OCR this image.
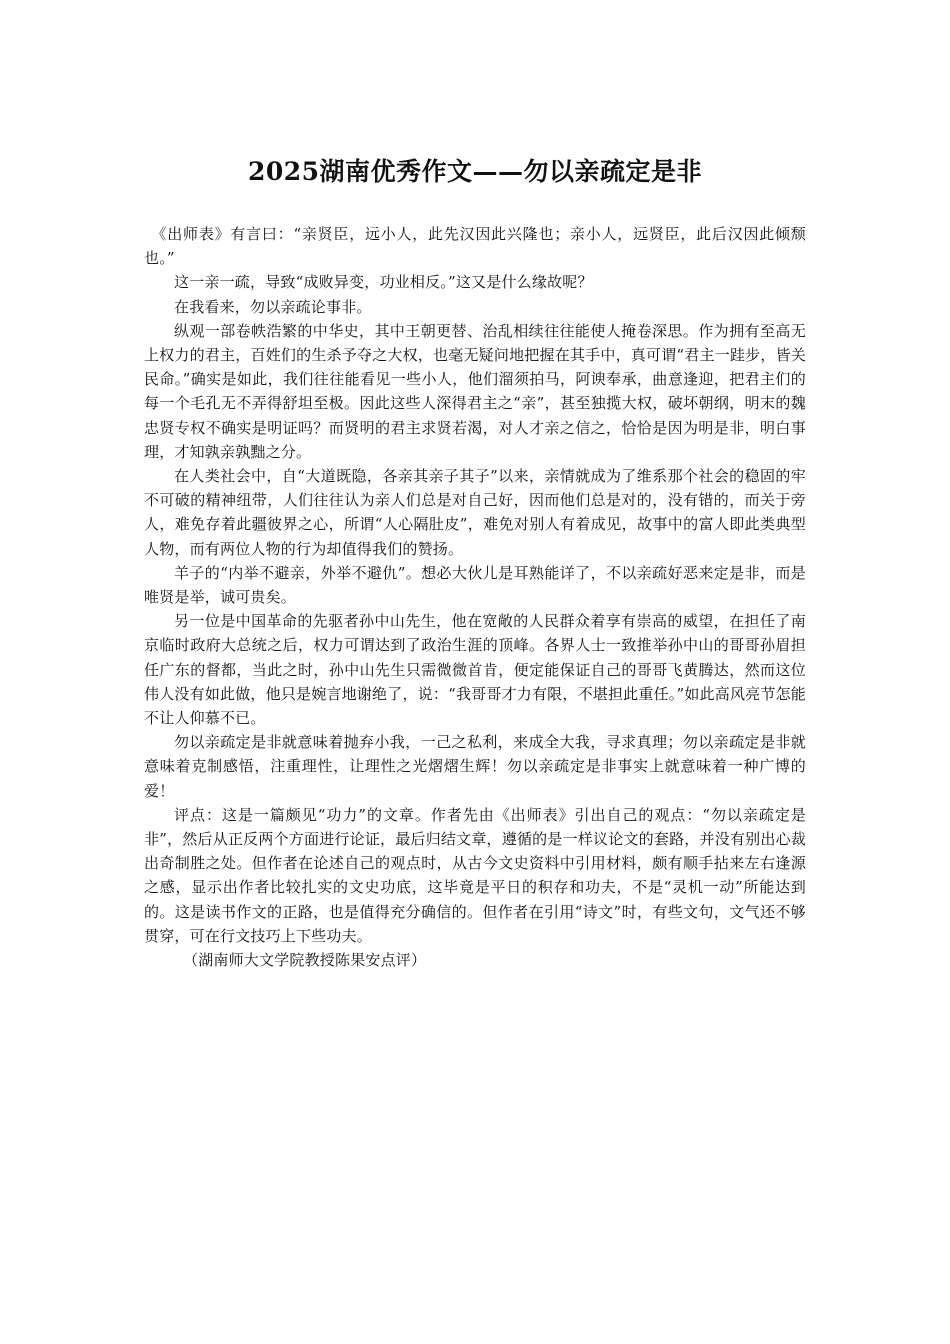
2025湖南优秀作文——勿以亲疏定是非

《出师表》有言曰：“亲贤臣，远小人，此先汉因此兴隆也；亲小人，远贤臣，此后汉因此倾颓也。”

这一亲一疏，导致“成败异变，功业相反。”这又是什么缘故呢？

在我看来，勿以亲疏论事非。

纵观一部卷帙浩繁的中华史，其中王朝更替、治乱相续往往能使人掩卷深思。作为拥有至高无上权力的君主，百姓们的生杀予夺之大权，也毫无疑问地把握在其手中，真可谓“君主一跬步，皆关民命。”确实是如此，我们往往能看见一些小人，他们溜须拍马，阿谀奉承，曲意逢迎，把君主们的每一个毛孔无不弄得舒坦至极。因此这些人深得君主之“亲”，甚至独揽大权，破坏朝纲，明末的魏忠贤专权不确实是明证吗？而贤明的君主求贤若渴，对人才亲之信之，恰恰是因为明是非，明白事理，才知孰亲孰黜之分。

在人类社会中，自“大道既隐，各亲其亲子其子”以来，亲情就成为了维系那个社会的稳固的牢不可破的精神纽带，人们往往认为亲人们总是对自己好，因而他们总是对的，没有错的，而关于旁人，难免存着此疆彼界之心，所谓“人心隔肚皮”，难免对别人有着成见，故事中的富人即此类典型人物，而有两位人物的行为却值得我们的赞扬。

羊子的“内举不避亲，外举不避仇”。想必大伙儿是耳熟能详了，不以亲疏好恶来定是非，而是唯贤是举，诚可贵矣。

另一位是中国革命的先驱者孙中山先生，他在宽敞的人民群众着享有崇高的威望，在担任了南京临时政府大总统之后，权力可谓达到了政治生涯的顶峰。各界人士一致推举孙中山的哥哥孙眉担任广东的督都，当此之时，孙中山先生只需微微首肯，便定能保证自己的哥哥飞黄腾达，然而这位伟人没有如此做，他只是婉言地谢绝了，说：“我哥哥才力有限，不堪担此重任。”如此高风亮节怎能不让人仰慕不已。

勿以亲疏定是非就意味着抛弃小我，一己之私利，来成全大我，寻求真理；勿以亲疏定是非就意味着克制感悟，注重理性，让理性之光熠熠生辉！勿以亲疏定是非事实上就意味着一种广博的爱！

评点：这是一篇颇见“功力”的文章。作者先由《出师表》引出自己的观点：“勿以亲疏定是非”，然后从正反两个方面进行论证，最后归结文章，遵循的是一样议论文的套路，并没有别出心裁出奇制胜之处。但作者在论述自己的观点时，从古今文史资料中引用材料，颇有顺手拈来左右逢源之感，显示出作者比较扎实的文史功底，这毕竟是平日的积存和功夫，不是“灵机一动”所能达到的。这是读书作文的正路，也是值得充分确信的。但作者在引用“诗文”时，有些文句，文气还不够贯穿，可在行文技巧上下些功夫。

（湖南师大文学院教授陈果安点评）
